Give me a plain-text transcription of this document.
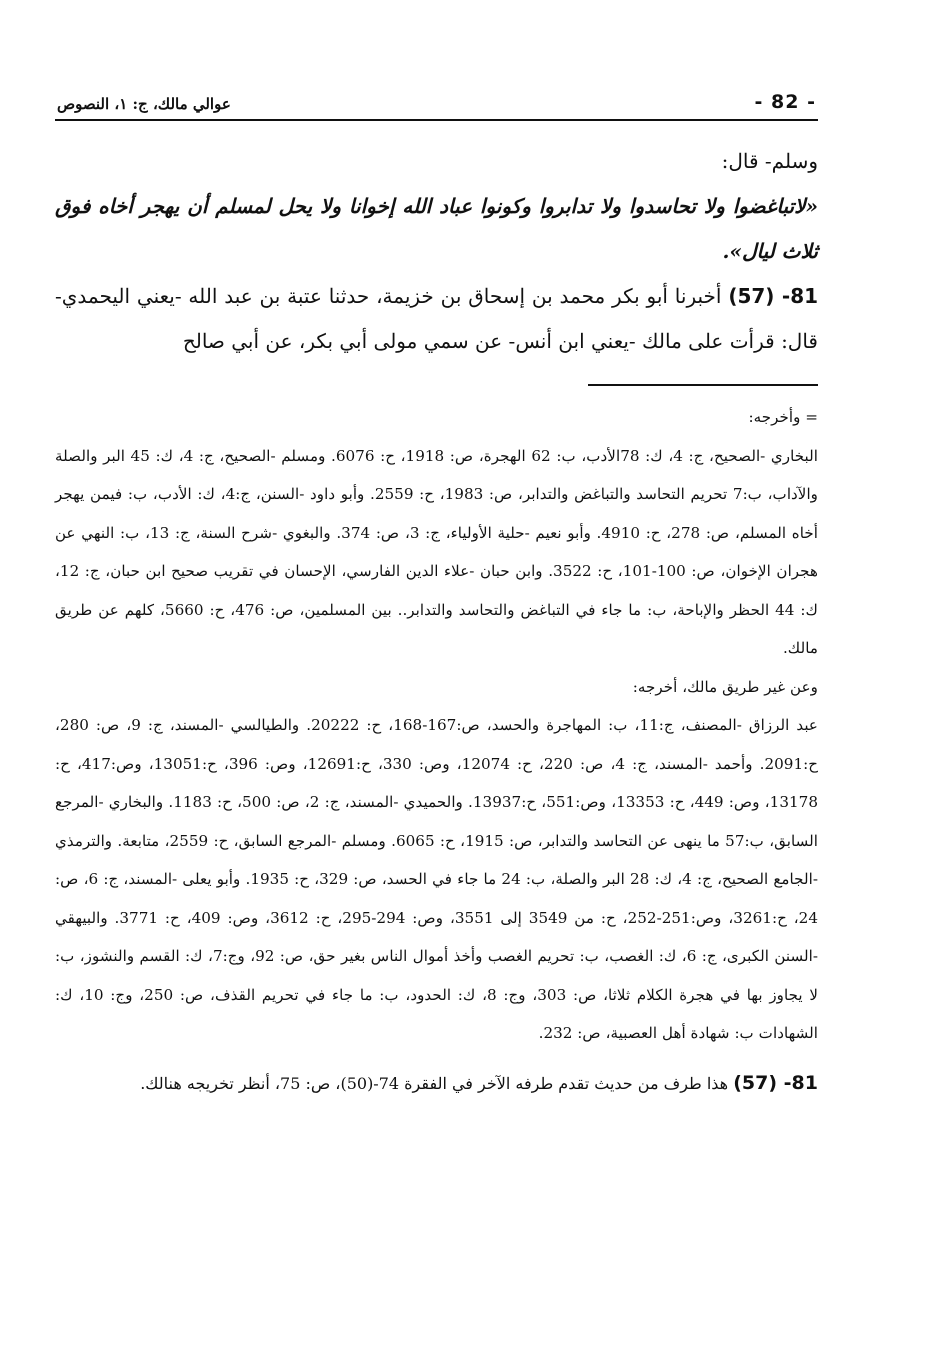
- 82 -
عوالي مالك، ج: ١، النصوص

وسلم- قال:

«لاتباغضوا ولا تحاسدوا ولا تدابروا وكونوا عباد الله إخوانا ولا يحل لمسلم أن يهجر أخاه فوق ثلاث ليال».

81- (57) أخبرنا أبو بكر محمد بن إسحاق بن خزيمة، حدثنا عتبة بن عبد الله -يعني اليحمدي- قال: قرأت على مالك -يعني ابن أنس- عن سمي مولى أبي بكر، عن أبي صالح

= وأخرجه:

البخاري -الصحيح، ج: 4، ك: 78الأدب، ب: 62 الهجرة، ص: 1918، ح: 6076. ومسلم -الصحيح، ج: 4، ك: 45 البر والصلة والآداب، ب:7 تحريم التحاسد والتباغض والتدابر، ص: 1983، ح: 2559. وأبو داود -السنن، ج:4، ك: الأدب، ب: فيمن يهجر أخاه المسلم، ص: 278، ح: 4910. وأبو نعيم -حلية الأولياء، ج: 3، ص: 374. والبغوي -شرح السنة، ج: 13، ب: النهي عن هجران الإخوان، ص: 100-101، ح: 3522. وابن حبان -علاء الدين الفارسي، الإحسان في تقريب صحيح ابن حبان، ج: 12، ك: 44 الحظر والإباحة، ب: ما جاء في التباغض والتحاسد والتدابر.. بين المسلمين، ص: 476، ح: 5660، كلهم عن طريق مالك.

وعن غير طريق مالك، أخرجه:

عبد الرزاق -المصنف، ج:11، ب: المهاجرة والحسد، ص:167-168، ح: 20222. والطيالسي -المسند، ج: 9، ص: 280، ح:2091. وأحمد -المسند، ج: 4، ص: 220، ح: 12074، وص: 330، ح:12691، وص: 396، ح:13051، وص:417، ح: 13178، وص: 449، ح: 13353، وص:551، ح:13937. والحميدي -المسند، ج: 2، ص: 500، ح: 1183. والبخاري -المرجع السابق، ب:57 ما ينهى عن التحاسد والتدابر، ص: 1915، ح: 6065. ومسلم -المرجع السابق، ح: 2559، متابعة. والترمذي -الجامع الصحيح، ج: 4، ك: 28 البر والصلة، ب: 24 ما جاء في الحسد، ص: 329، ح: 1935. وأبو يعلى -المسند، ج: 6، ص: 24، ح:3261، وص:251-252، ح: من 3549 إلى 3551، وص: 294-295، ح: 3612، وص: 409، ح: 3771. والبيهقي -السنن الكبرى، ج: 6، ك: الغصب، ب: تحريم الغصب وأخذ أموال الناس بغير حق، ص: 92، وج:7، ك: القسم والنشوز، ب: لا يجاوز بها في هجرة الكلام ثلاثا، ص: 303، وج: 8، ك: الحدود، ب: ما جاء في تحريم القذف، ص: 250، وج: 10، ك: الشهادات ب: شهادة أهل العصبية، ص: 232.

81- (57) هذا طرف من حديث تقدم طرفه الآخر في الفقرة 74-(50)، ص: 75، أنظر تخريجه هنالك.
